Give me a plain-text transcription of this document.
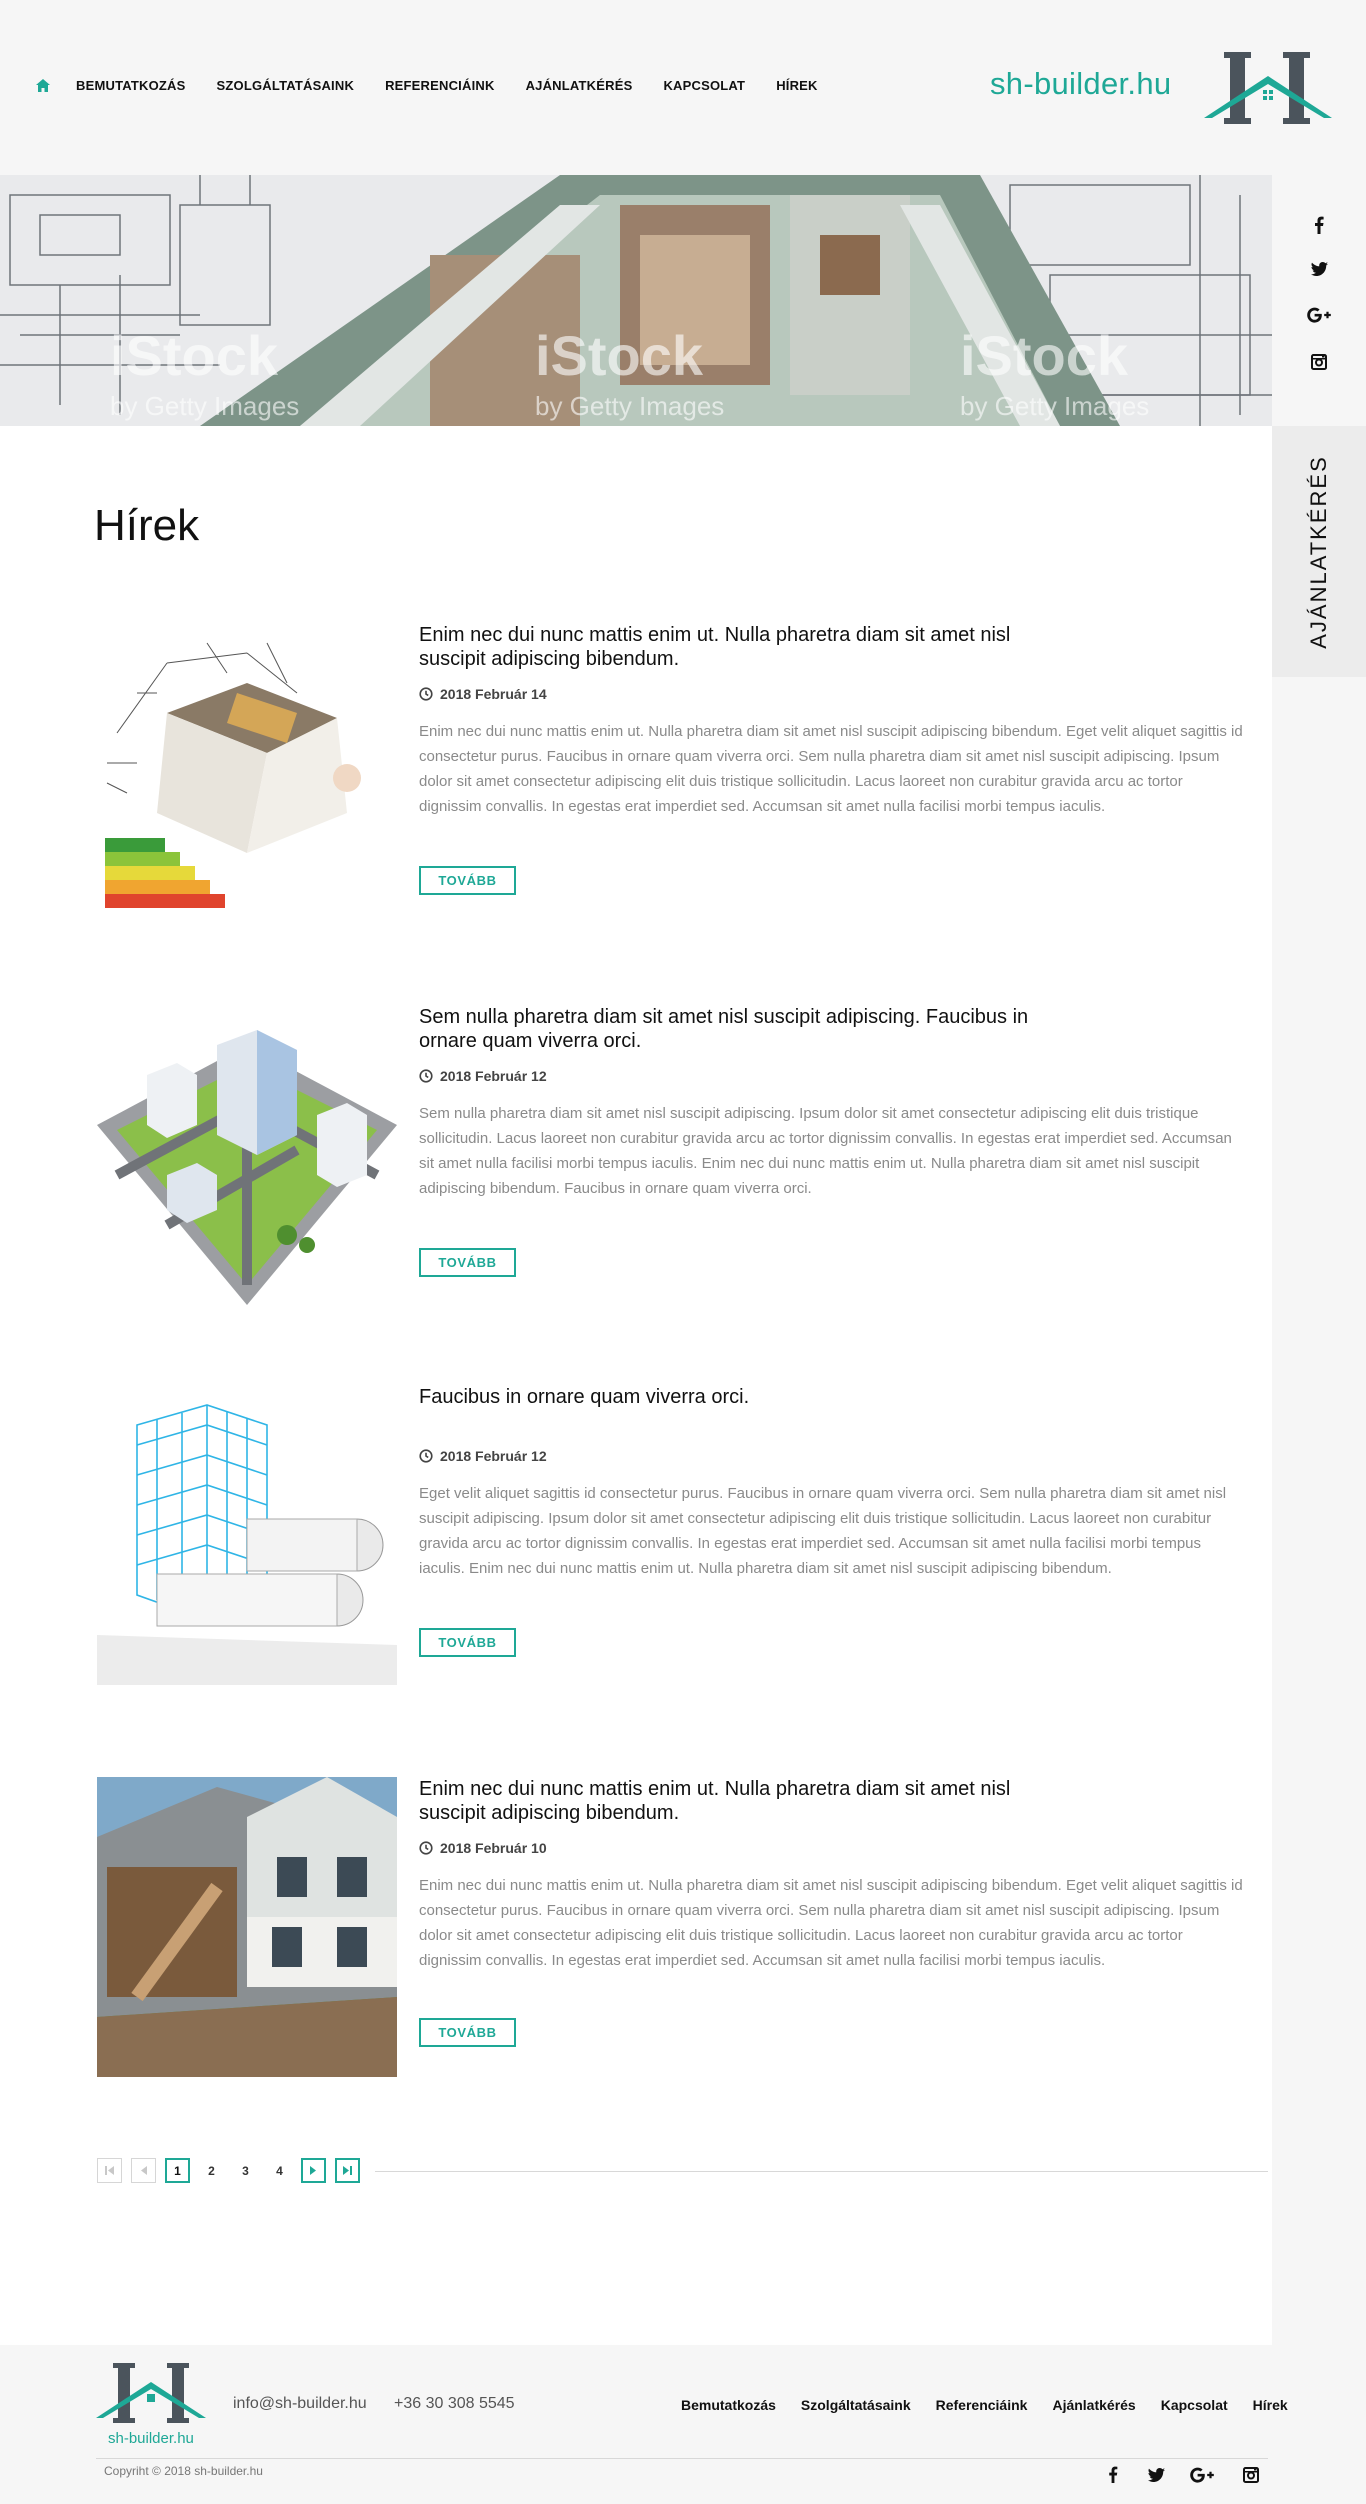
BEMUTATKOZÁS SZOLGÁLTATÁSAINK REFERENCIÁINK AJÁNLATKÉRÉS KAPCSOLAT HÍREK	sh-builder.hu
iStock
by Getty Images
iStock
by Getty Images
iStock
by Getty Images
AJÁNLATKÉRÉS
Hírek
Enim nec dui nunc mattis enim ut. Nulla pharetra diam sit amet nisl suscipit adipiscing bibendum.
2018 Február 14

Enim nec dui nunc mattis enim ut. Nulla pharetra diam sit amet nisl suscipit adipiscing bibendum. Eget velit aliquet sagittis id consectetur purus. Faucibus in ornare quam viverra orci. Sem nulla pharetra diam sit amet nisl suscipit adipiscing. Ipsum dolor sit amet consectetur adipiscing elit duis tristique sollicitudin. Lacus laoreet non curabitur gravida arcu ac tortor dignissim convallis. In egestas erat imperdiet sed. Accumsan sit amet nulla facilisi morbi tempus iaculis.

TOVÁBB
Sem nulla pharetra diam sit amet nisl suscipit adipiscing. Faucibus in ornare quam viverra orci.
2018 Február 12

Sem nulla pharetra diam sit amet nisl suscipit adipiscing. Ipsum dolor sit amet consectetur adipiscing elit duis tristique sollicitudin. Lacus laoreet non curabitur gravida arcu ac tortor dignissim convallis. In egestas erat imperdiet sed. Accumsan sit amet nulla facilisi morbi tempus iaculis. Enim nec dui nunc mattis enim ut. Nulla pharetra diam sit amet nisl suscipit adipiscing bibendum. Faucibus in ornare quam viverra orci.

TOVÁBB
Faucibus in ornare quam viverra orci.
2018 Február 12

Eget velit aliquet sagittis id consectetur purus. Faucibus in ornare quam viverra orci. Sem nulla pharetra diam sit amet nisl suscipit adipiscing. Ipsum dolor sit amet consectetur adipiscing elit duis tristique sollicitudin. Lacus laoreet non curabitur gravida arcu ac tortor dignissim convallis. In egestas erat imperdiet sed. Accumsan sit amet nulla facilisi morbi tempus iaculis. Enim nec dui nunc mattis enim ut. Nulla pharetra diam sit amet nisl suscipit adipiscing bibendum.

TOVÁBB
Enim nec dui nunc mattis enim ut. Nulla pharetra diam sit amet nisl suscipit adipiscing bibendum.
2018 Február 10

Enim nec dui nunc mattis enim ut. Nulla pharetra diam sit amet nisl suscipit adipiscing bibendum. Eget velit aliquet sagittis id consectetur purus. Faucibus in ornare quam viverra orci. Sem nulla pharetra diam sit amet nisl suscipit adipiscing. Ipsum dolor sit amet consectetur adipiscing elit duis tristique sollicitudin. Lacus laoreet non curabitur gravida arcu ac tortor dignissim convallis. In egestas erat imperdiet sed. Accumsan sit amet nulla facilisi morbi tempus iaculis.

TOVÁBB
1	2	3	4
sh-builder.hu
info@sh-builder.hu +36 30 308 5545	Bemutatkozás Szolgáltatásaink Referenciáink Ajánlatkérés Kapcsolat Hírek
Copyriht © 2018 sh-builder.hu
